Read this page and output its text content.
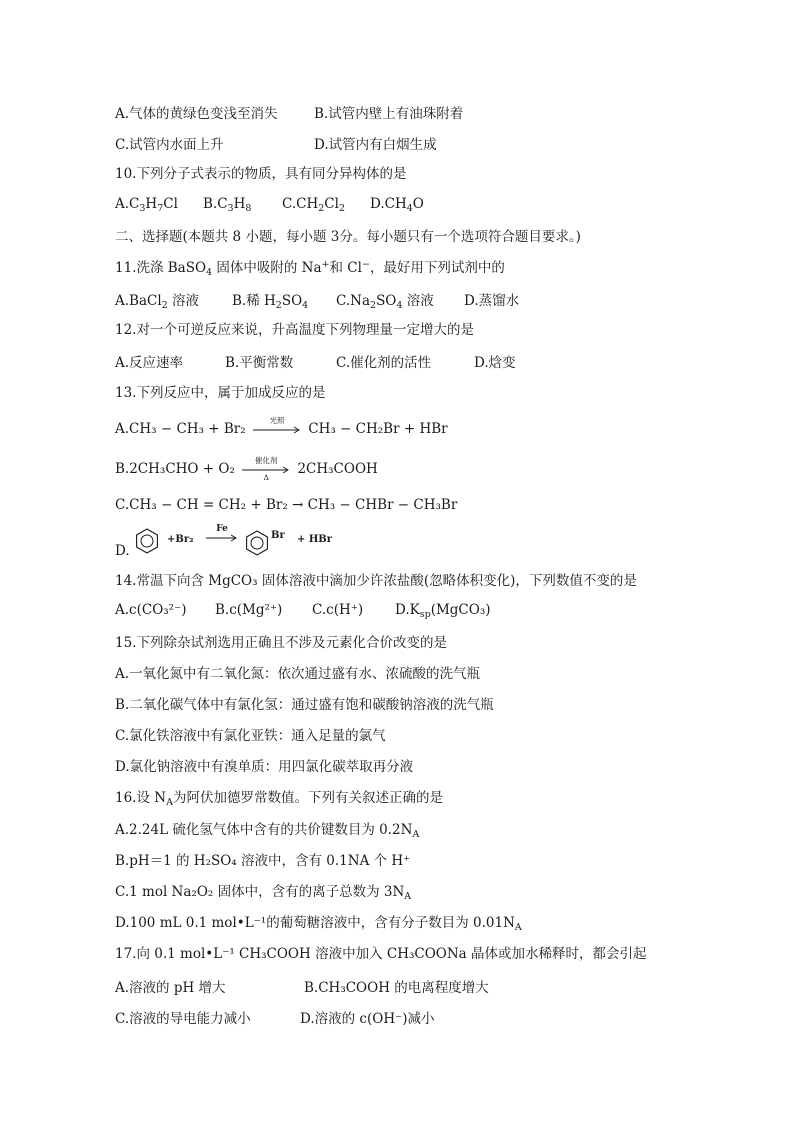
A.气体的黄绿色变浅至消失	B.试管内壁上有油珠附着
C.试管内水面上升	D.试管内有白烟生成
10.下列分子式表示的物质，具有同分异构体的是
$A.C_3H_7Cl$ $B.C_3H_8$ $C.CH_2Cl_2$ $D.CH_4O$
二、选择题(本题共 8 小题，每小题 3分。每小题只有一个选项符合题目要求。)
11.洗涤 BaSO$_4$ 固体中吸附的 Na+和 Cl−，最好用下列试剂中的
A.BaCl$_2$ 溶液 B.稀 $H_2SO_4$ $C.Na_2SO_4$ 溶液 D.蒸馏水
12.对一个可逆反应来说，升高温度下列物理量一定增大的是
A.反应速率	B.平衡常数	C.催化剂的活性	D.焓变
13.下列反应中，属于加成反应的是
A.CH₃ − CH₃ + Br₂
光照
CH₃ − CH₂Br + HBr
B.2CH₃CHO + O₂
催化剂
Δ	2CH₃COOH
C.CH₃ − CH = CH₂ + Br₂ → CH₃ − CHBr − CH₃Br
D.
+Br₂
Fe
Br + HBr
14.常温下向含 MgCO₃ 固体溶液中滴加少许浓盐酸(忽略体积变化)，下列数值不变的是
A.c(CO₃²⁻) B.c(Mg²⁺) C.c(H⁺) $D.K_{sp}(MgCO_3)$
15.下列除杂试剂选用正确且不涉及元素化合价改变的是
A.一氧化氮中有二氧化氮：依次通过盛有水、浓硫酸的洗气瓶
B.二氧化碳气体中有氯化氢：通过盛有饱和碳酸钠溶液的洗气瓶
C.氯化铁溶液中有氯化亚铁：通入足量的氯气
D.氯化钠溶液中有溴单质：用四氯化碳萃取再分液
16.设 $N_A$为阿伏加德罗常数值。下列有关叙述正确的是
A.2.24L 硫化氢气体中含有的共价键数目为 $0.2N_A$
B.pH＝1 的 H₂SO₄ 溶液中，含有 0.1NA 个 H⁺
C.1 mol Na₂O₂ 固体中，含有的离子总数为 $3N_A$
D.100 mL 0.1 mol•L⁻¹的葡萄糖溶液中，含有分子数目为 $0.01N_A$
17.向 0.1 mol•L⁻¹ CH₃COOH 溶液中加入 CH₃COONa 晶体或加水稀释时，都会引起
A.溶液的 pH 增大	B.CH₃COOH 的电离程度增大
C.溶液的导电能力减小	D.溶液的 c(OH⁻)减小
